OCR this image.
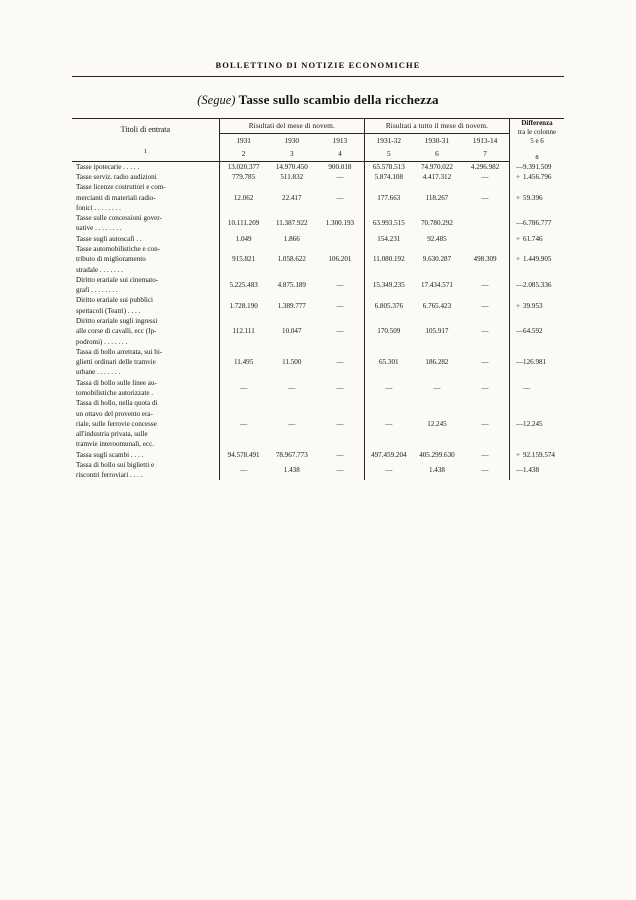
BOLLETTINO DI NOTIZIE ECONOMICHE
(Segue) Tasse sullo scambio della ricchezza
Titoli di entrata
1
	Risultati del mese di novem.	Risultati a tutto il mese di novem.	Differenza
tra le colonne
5 e 6
8

	1931	1930	1913	1931-32	1930-31	1913-14	
	2	3	4	5	6	7	

Tasse ipotecarie . . . . .	13.020.377	14.970.450	900.018	65.578.513	74.970.022	4.296.982	—9.391.509

Tasse serviz. radio audizioni	779.785	511.832	—	5.874.108	4.417.312	—	+ 1.456.796

Tasse licenze costruttori e com-
mercianti di materiali radio-
fonici . . . . . . . .	12.062	22.417	—	177.663	118.267	—	+ 59.396

Tasse sulle concessioni gover-
native . . . . . . . .	10.111.209	11.387.922	1.300.193	63.993.515	70.780.292		—6.786.777

Tasse sugli autoscafi . .	1.049	1.866		154.231	92.485		+ 61.746

Tasse automobilistiche e con-
tributo di miglioramento
stradale . . . . . . .	915.821	1.058.622	106.201	11.080.192	9.630.287	498.309	+ 1.449.905

Diritto erariale sui cinemato-
grafi . . . . . . . .	5.225.483	4.875.189	—	15.349.235	17.434.571	—	—2.085.336

Diritto erariale sui pubblici
spettacoli (Teatri) . . . .	1.728.190	1.389.777	—	6.805.376	6.765.423	—	+ 39.953

Diritto erariale sugli ingressi
alle corse di cavalli, ecc (Ip-
podromi) . . . . . . .	112.111	10.047	—	170.509	105.917	—	—64.592

Tassa di bollo arretrata, sui bi-
glietti ordinari delle tramvie
urbane . . . . . . .	11.495	11.500	—	65.301	186.282	—	—126.981

Tassa di bollo sulle linee au-
tomobilistiche autorizzate .	—	—	—	—	—	—	—

Tassa di bollo, nella quota di
un ottavo del provento era-
riale, sulle ferrovie concesse
all'industria privata, sulle
tramvie interoomunali, ecc.	—	—	—	—	12.245	—	—12.245

Tassa sugli scambi . . . .	94.578.491	78.967.773	—	497.459.204	405.299.630	—	+ 92.159.574

Tassa di bollo sui biglietti e
riscontri ferroviari . . . .	—	1.438	—	—	1.438	—	—1.438
